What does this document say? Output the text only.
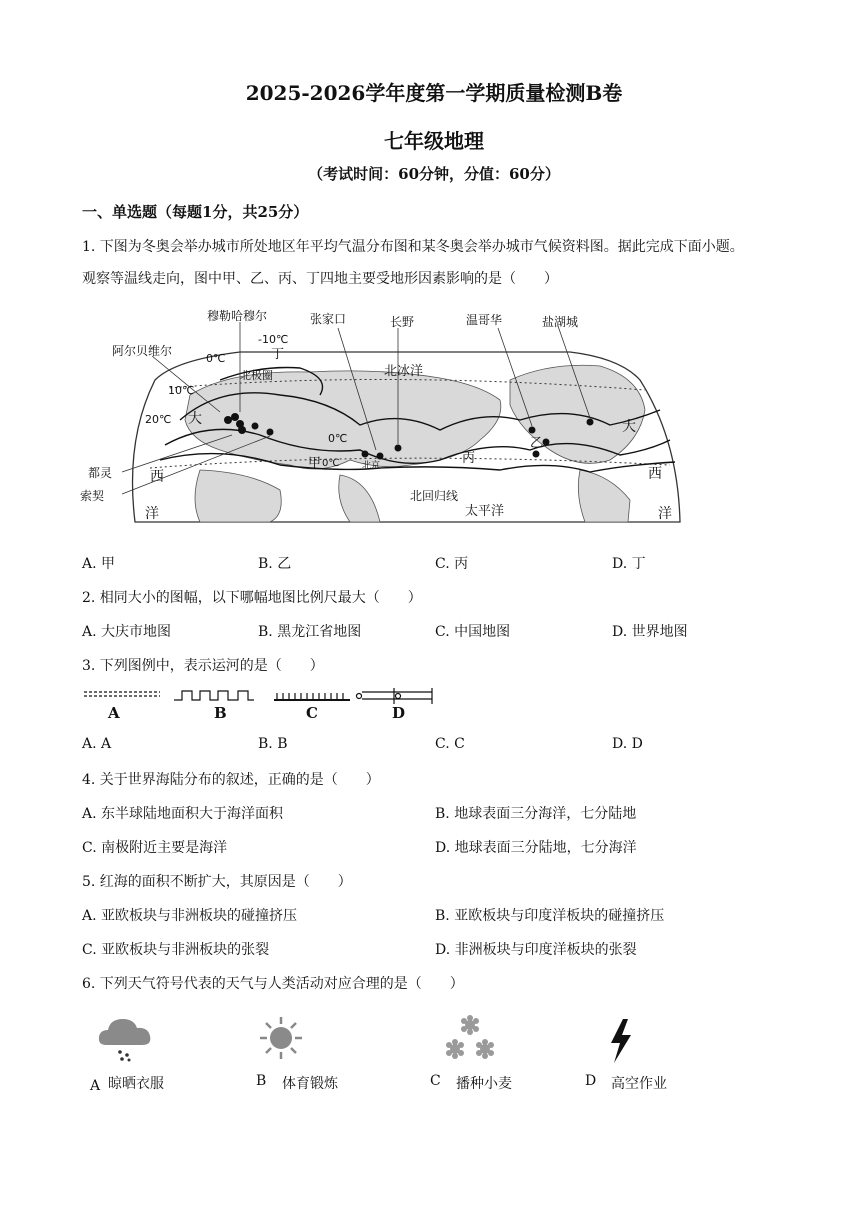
2025-2026学年度第一学期质量检测B卷
七年级地理
（考试时间：60分钟，分值：60分）
一、单选题（每题1分，共25分）
1. 下图为冬奥会举办城市所处地区年平均气温分布图和某冬奥会举办城市气候资料图。据此完成下面小题。
观察等温线走向，图中甲、乙、丙、丁四地主要受地形因素影响的是（　　）
穆勒哈穆尔	张家口	长野	温哥华	盐湖城
阿尔贝维尔
都灵
索契
北京
-10℃
0℃
10℃
20℃
0℃
0℃
北极圈
北回归线
北冰洋
太平洋
大
西
洋
大
西
洋
甲
乙
丙
丁
A. 甲	B. 乙	C. 丙	D. 丁
2. 相同大小的图幅，以下哪幅地图比例尺最大（　　）
A. 大庆市地图	B. 黑龙江省地图	C. 中国地图	D. 世界地图
3. 下列图例中，表示运河的是（　　）
A	B	C	D
A. A	B. B	C. C	D. D
4. 关于世界海陆分布的叙述，正确的是（　　）
A. 东半球陆地面积大于海洋面积	B. 地球表面三分海洋，七分陆地
C. 南极附近主要是海洋	D. 地球表面三分陆地，七分海洋
5. 红海的面积不断扩大，其原因是（　　）
A. 亚欧板块与非洲板块的碰撞挤压	B. 亚欧板块与印度洋板块的碰撞挤压
C. 亚欧板块与非洲板块的张裂	D. 非洲板块与印度洋板块的张裂
6. 下列天气符号代表的天气与人类活动对应合理的是（　　）
A 晾晒衣服	B 体育锻炼	C 播种小麦	D 高空作业
